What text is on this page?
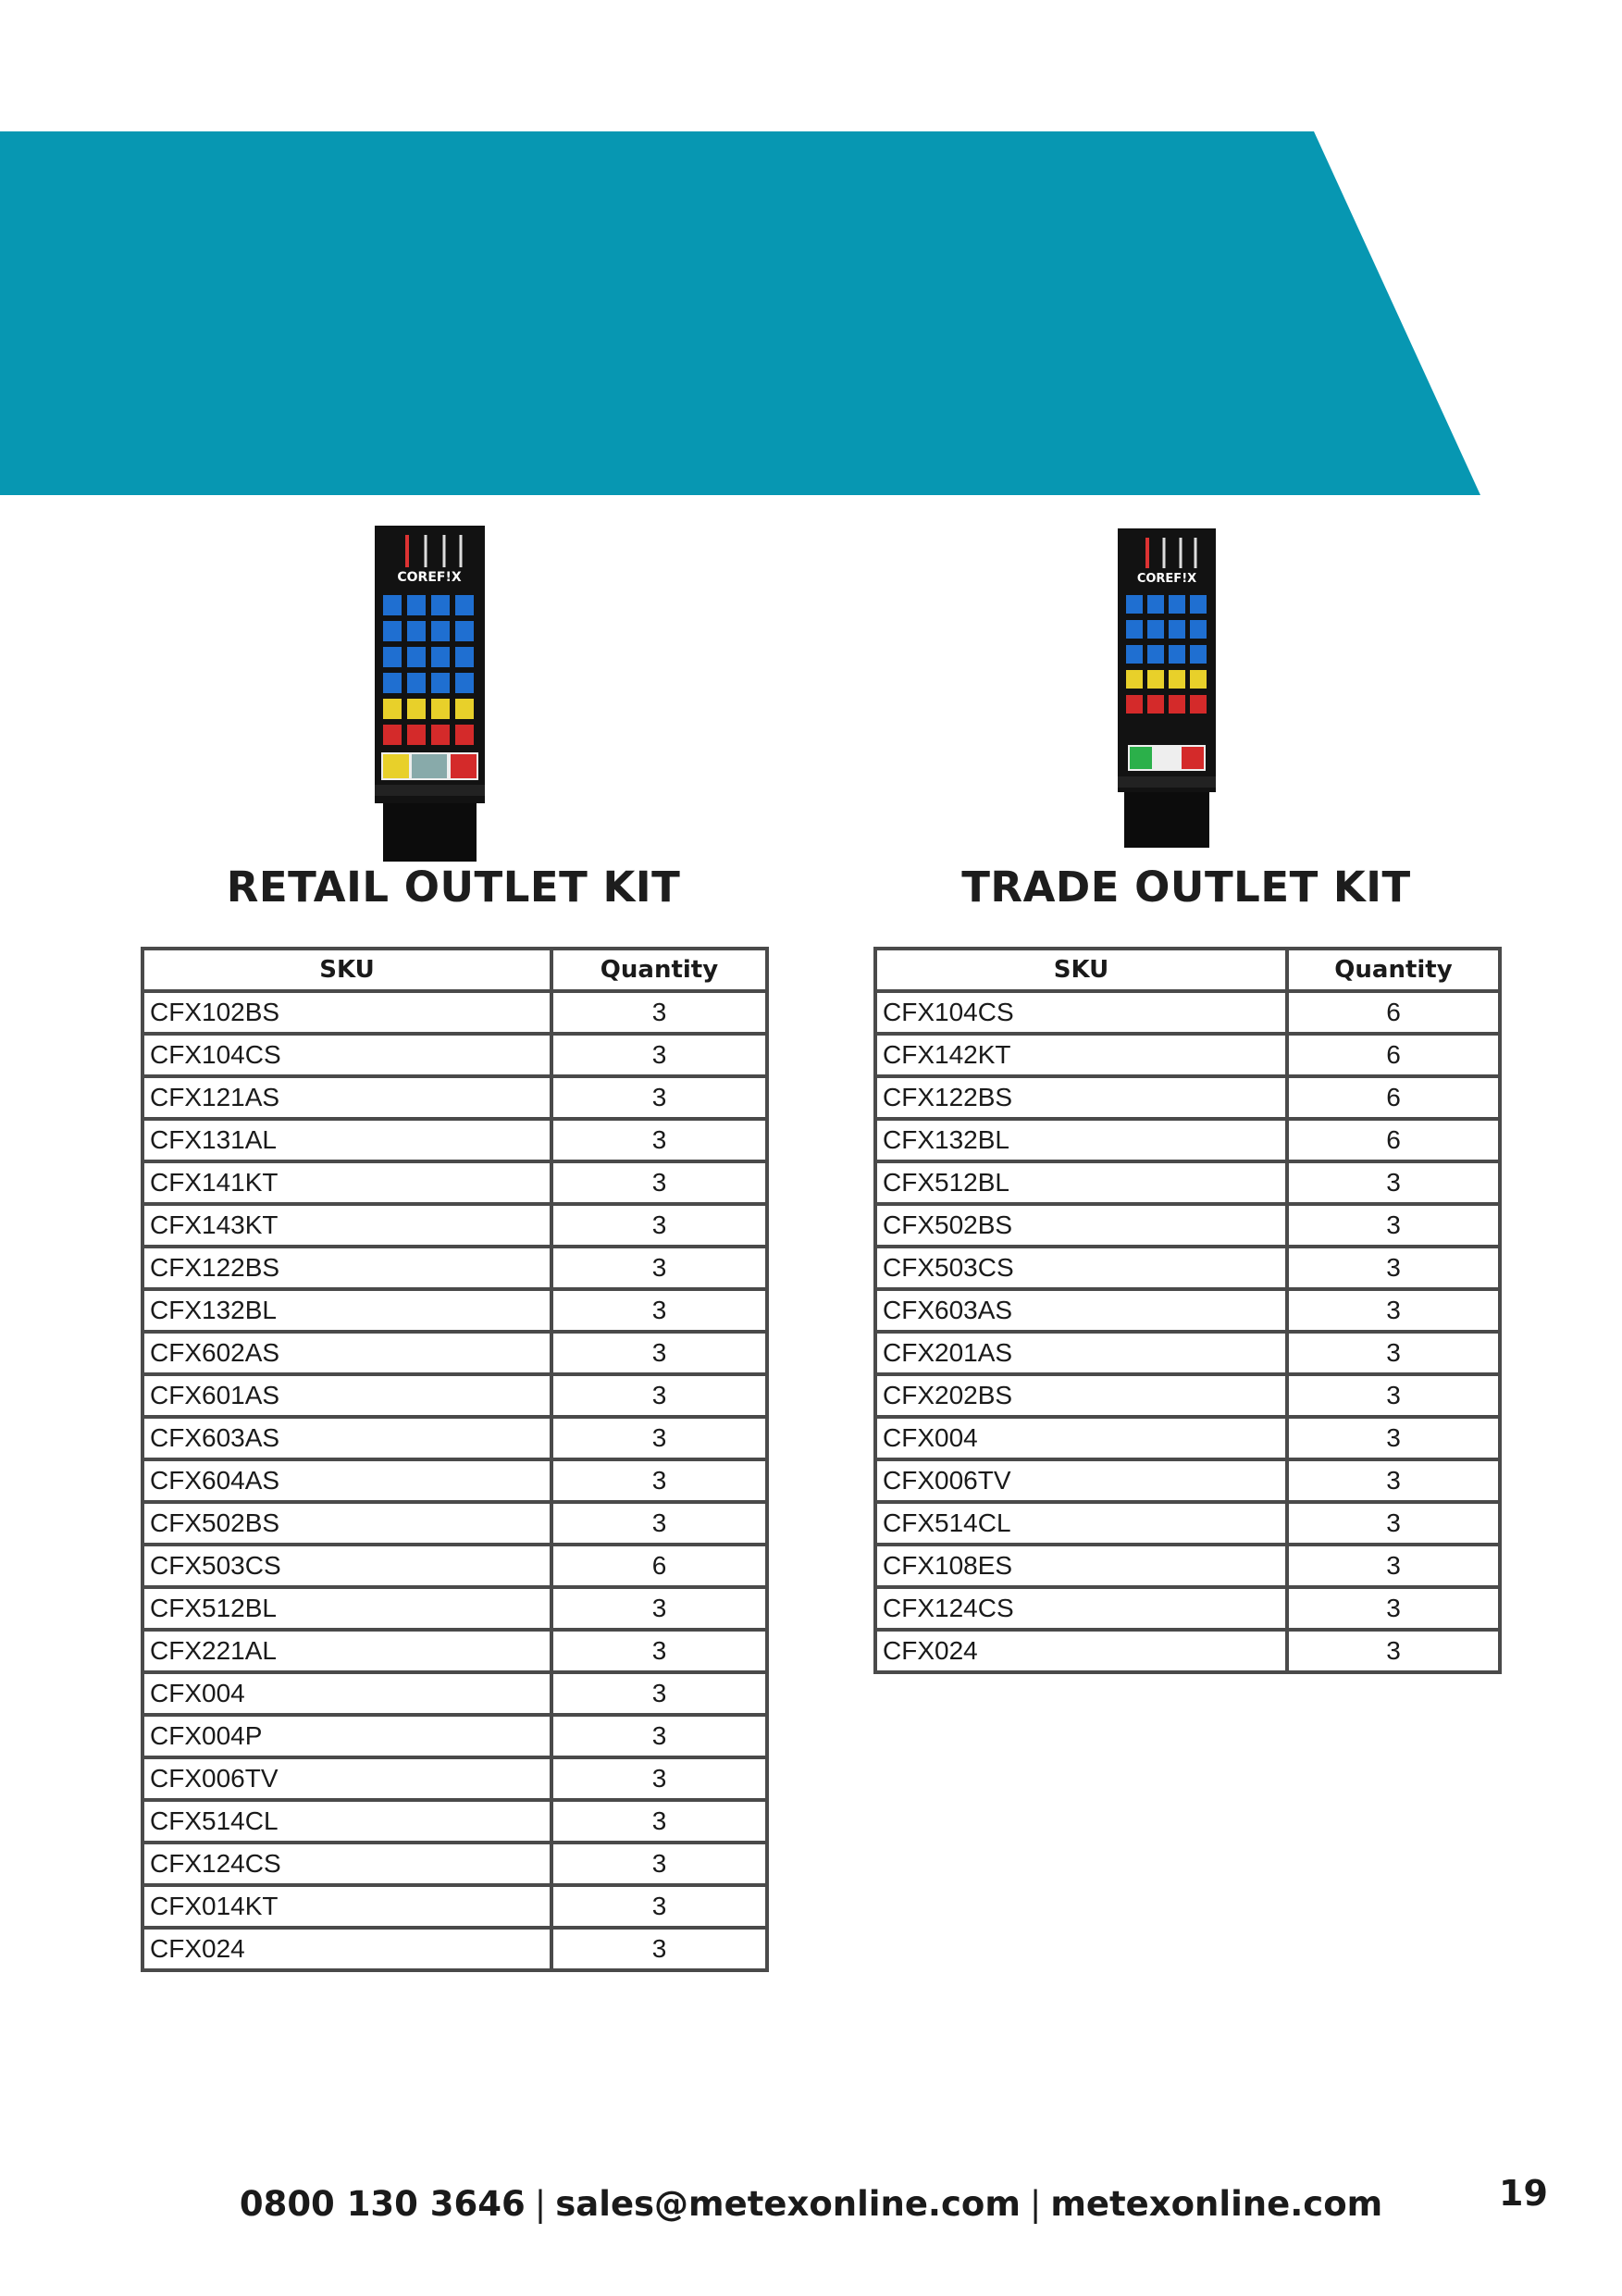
COREF!X	COREF!X
RETAIL OUTLET KIT	TRADE OUTLET KIT
SKU	Quantity
CFX102BS	3
CFX104CS	3
CFX121AS	3
CFX131AL	3
CFX141KT	3
CFX143KT	3
CFX122BS	3
CFX132BL	3
CFX602AS	3
CFX601AS	3
CFX603AS	3
CFX604AS	3
CFX502BS	3
CFX503CS	6
CFX512BL	3
CFX221AL	3
CFX004	3
CFX004P	3
CFX006TV	3
CFX514CL	3
CFX124CS	3
CFX014KT	3
CFX024	3
SKU	Quantity
CFX104CS	6
CFX142KT	6
CFX122BS	6
CFX132BL	6
CFX512BL	3
CFX502BS	3
CFX503CS	3
CFX603AS	3
CFX201AS	3
CFX202BS	3
CFX004	3
CFX006TV	3
CFX514CL	3
CFX108ES	3
CFX124CS	3
CFX024	3
0800 130 3646 | sales@metexonline.com | metexonline.com	19
